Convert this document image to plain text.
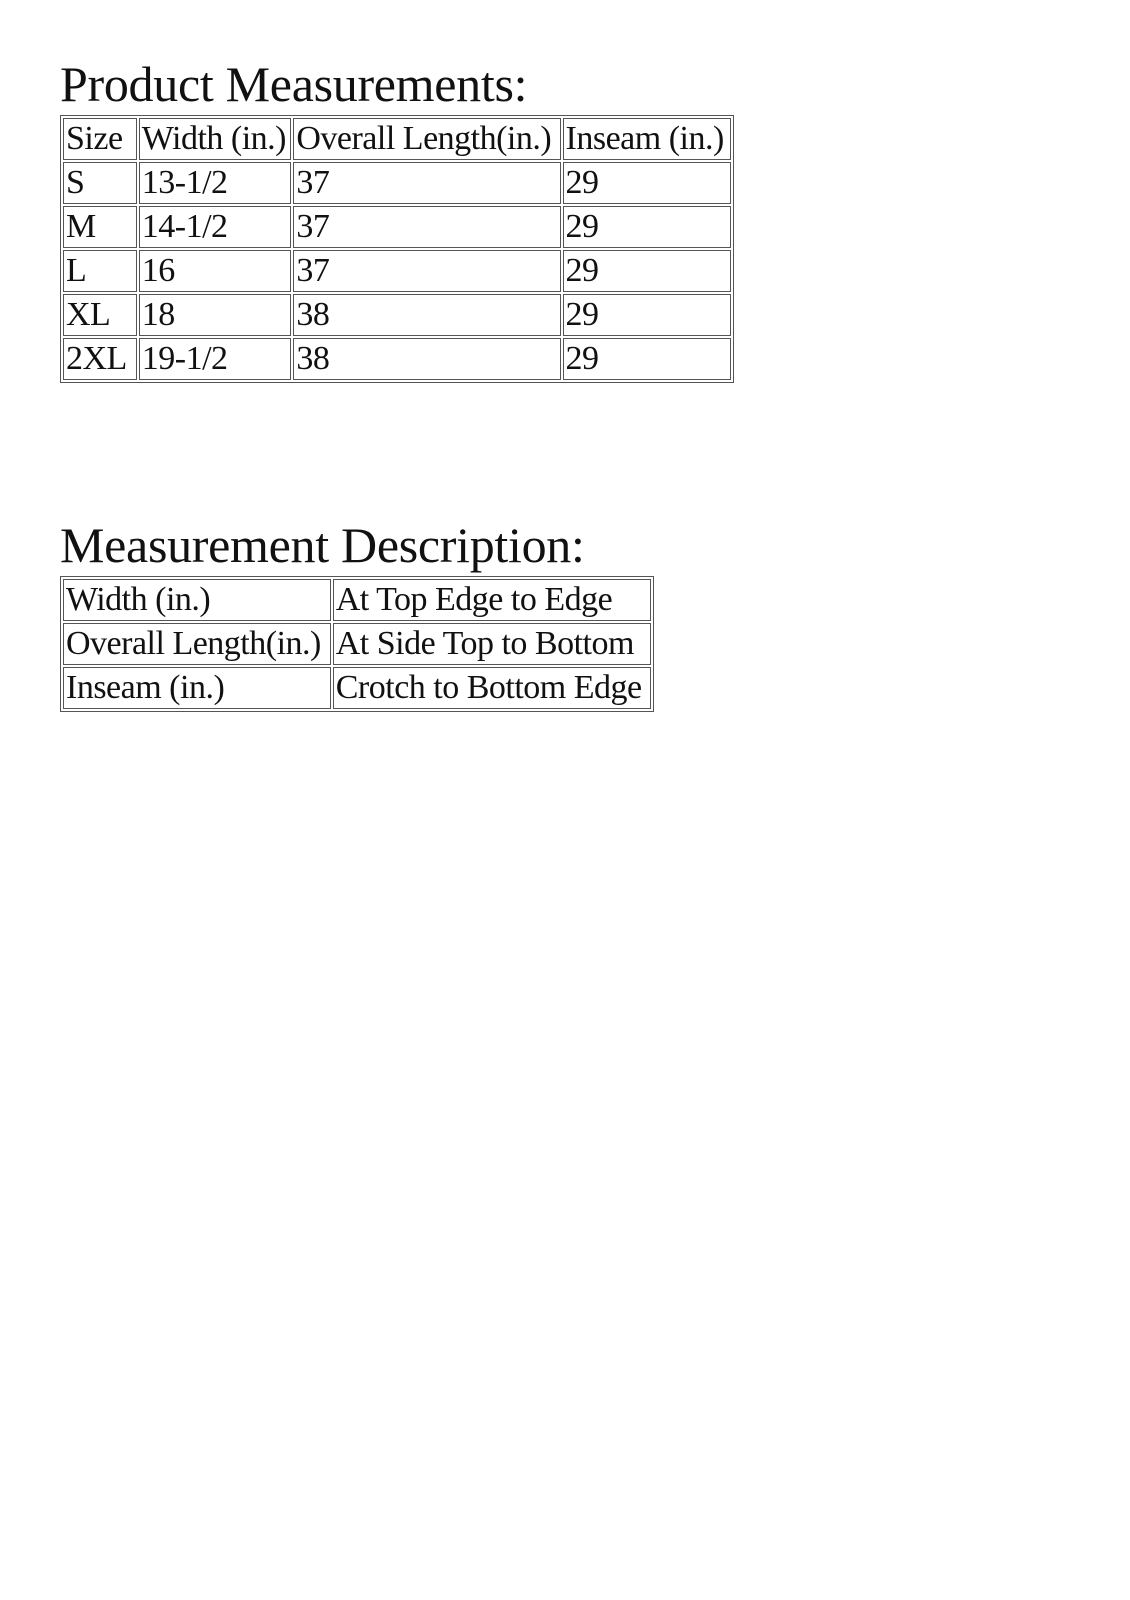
Product Measurements:
Size	Width (in.)	Overall Length(in.)	Inseam (in.)
S	13-1/2	37	29
M	14-1/2	37	29
L	16	37	29
XL	18	38	29
2XL	19-1/2	38	29
Measurement Description:
Width (in.)	At Top Edge to Edge
Overall Length(in.)	At Side Top to Bottom
Inseam (in.)	Crotch to Bottom Edge
